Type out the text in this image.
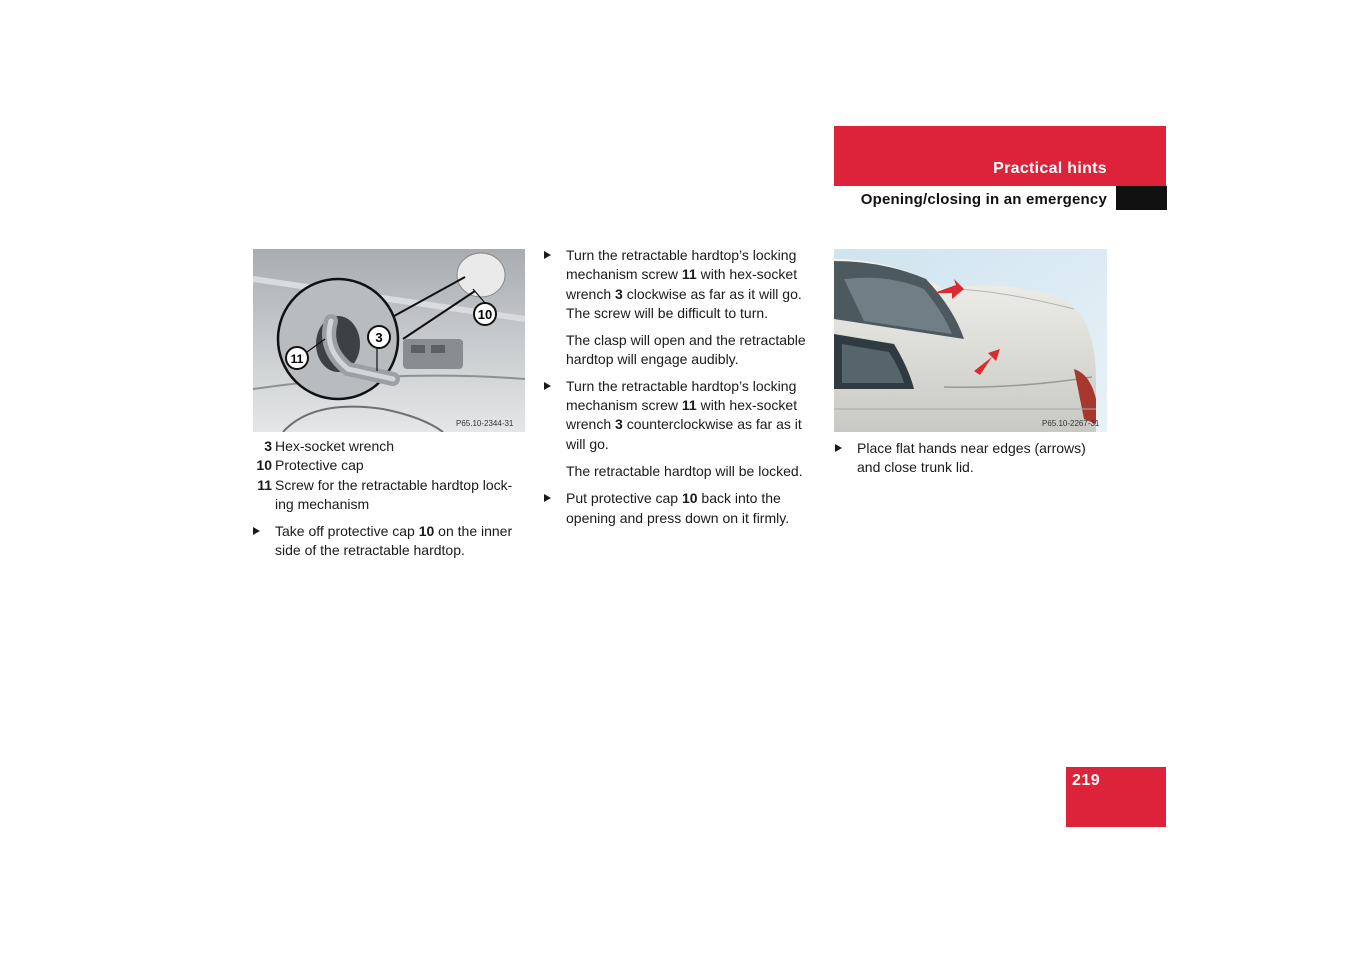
Practical hints
Opening/closing in an emergency
10
3
11
P65.10-2344-31	P65.10-2267-31
3 Hex-socket wrench
10 Protective cap
11 Screw for the retractable hardtop lock-ing mechanism
Take off protective cap 10 on the inner side of the retractable hardtop.
Turn the retractable hardtop’s locking mechanism screw 11 with hex-socket wrench 3 clockwise as far as it will go. The screw will be difficult to turn.

The clasp will open and the retractable hardtop will engage audibly.

Turn the retractable hardtop’s locking mechanism screw 11 with hex-socket wrench 3 counterclockwise as far as it will go.

The retractable hardtop will be locked.

Put protective cap 10 back into the opening and press down on it firmly.
Place flat hands near edges (arrows) and close trunk lid.
219
